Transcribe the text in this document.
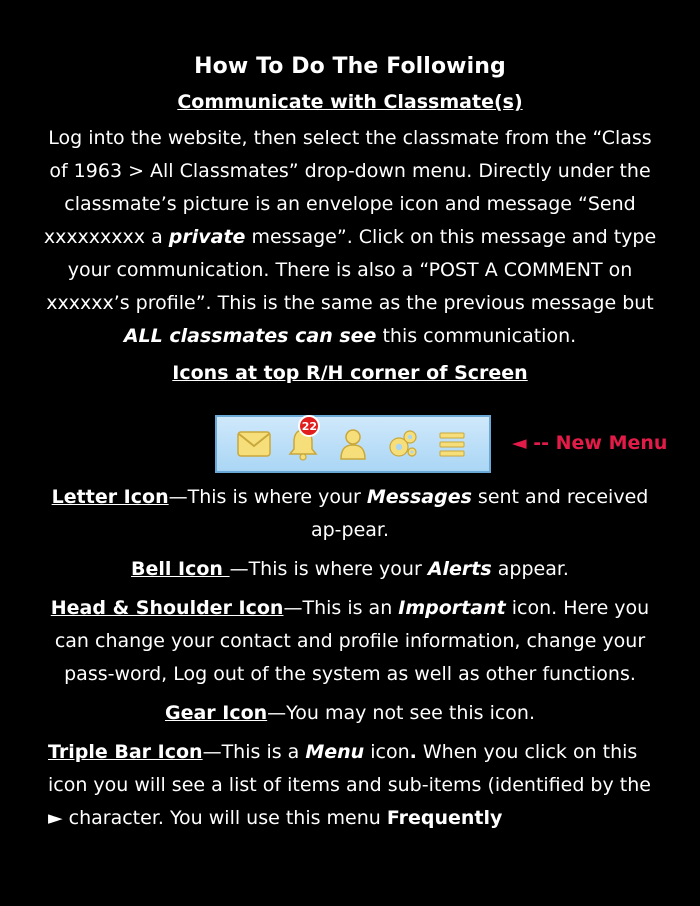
How To Do The Following
Communicate with Classmate(s)

Log into the website, then select the classmate from the “Class of 1963 > All Classmates” drop-down menu. Directly under the classmate’s picture is an envelope icon and message “Send xxxxxxxxx a private message”. Click on this message and type your communication. There is also a “POST A COMMENT on xxxxxx’s profile”. This is the same as the previous message but ALL classmates can see this communication.

Icons at top R/H corner of Screen
22
◄ -- New Menu

Letter Icon—This is where your Messages sent and received ap-pear.

Bell Icon —This is where your Alerts appear.

Head & Shoulder Icon—This is an Important icon. Here you can change your contact and profile information, change your pass-word, Log out of the system as well as other functions.

Gear Icon—You may not see this icon.

Triple Bar Icon—This is a Menu icon. When you click on this icon you will see a list of items and sub-items (identified by the ► character. You will use this menu Frequently
